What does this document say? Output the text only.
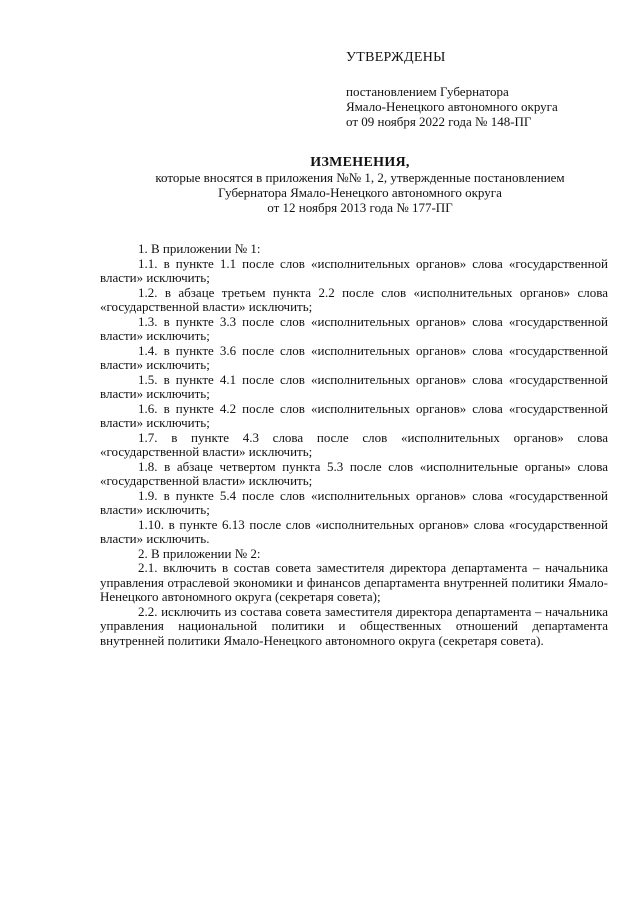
УТВЕРЖДЕНЫ
постановлением Губернатора
Ямало-Ненецкого автономного округа
от 09 ноября 2022 года № 148-ПГ
ИЗМЕНЕНИЯ,
которые вносятся в приложения №№ 1, 2, утвержденные постановлением
Губернатора Ямало-Ненецкого автономного округа
от 12 ноября 2013 года № 177-ПГ

1. В приложении № 1:

1.1. в пункте 1.1 после слов «исполнительных органов» слова «государственной власти» исключить;

1.2. в абзаце третьем пункта 2.2 после слов «исполнительных органов» слова «государственной власти» исключить;

1.3. в пункте 3.3 после слов «исполнительных органов» слова «государственной власти» исключить;

1.4. в пункте 3.6 после слов «исполнительных органов» слова «государственной власти» исключить;

1.5. в пункте 4.1 после слов «исполнительных органов» слова «государственной власти» исключить;

1.6. в пункте 4.2 после слов «исполнительных органов» слова «государственной власти» исключить;

1.7. в пункте 4.3 слова после слов «исполнительных органов» слова «государственной власти» исключить;

1.8. в абзаце четвертом пункта 5.3 после слов «исполнительные органы» слова «государственной власти» исключить;

1.9. в пункте 5.4 после слов «исполнительных органов» слова «государственной власти» исключить;

1.10. в пункте 6.13 после слов «исполнительных органов» слова «государственной власти» исключить.

2. В приложении № 2:

2.1. включить в состав совета заместителя директора департамента – начальника управления отраслевой экономики и финансов департамента внутренней политики Ямало-Ненецкого автономного округа (секретаря совета);

2.2. исключить из состава совета заместителя директора департамента – начальника управления национальной политики и общественных отношений департамента внутренней политики Ямало-Ненецкого автономного округа (секретаря совета).
